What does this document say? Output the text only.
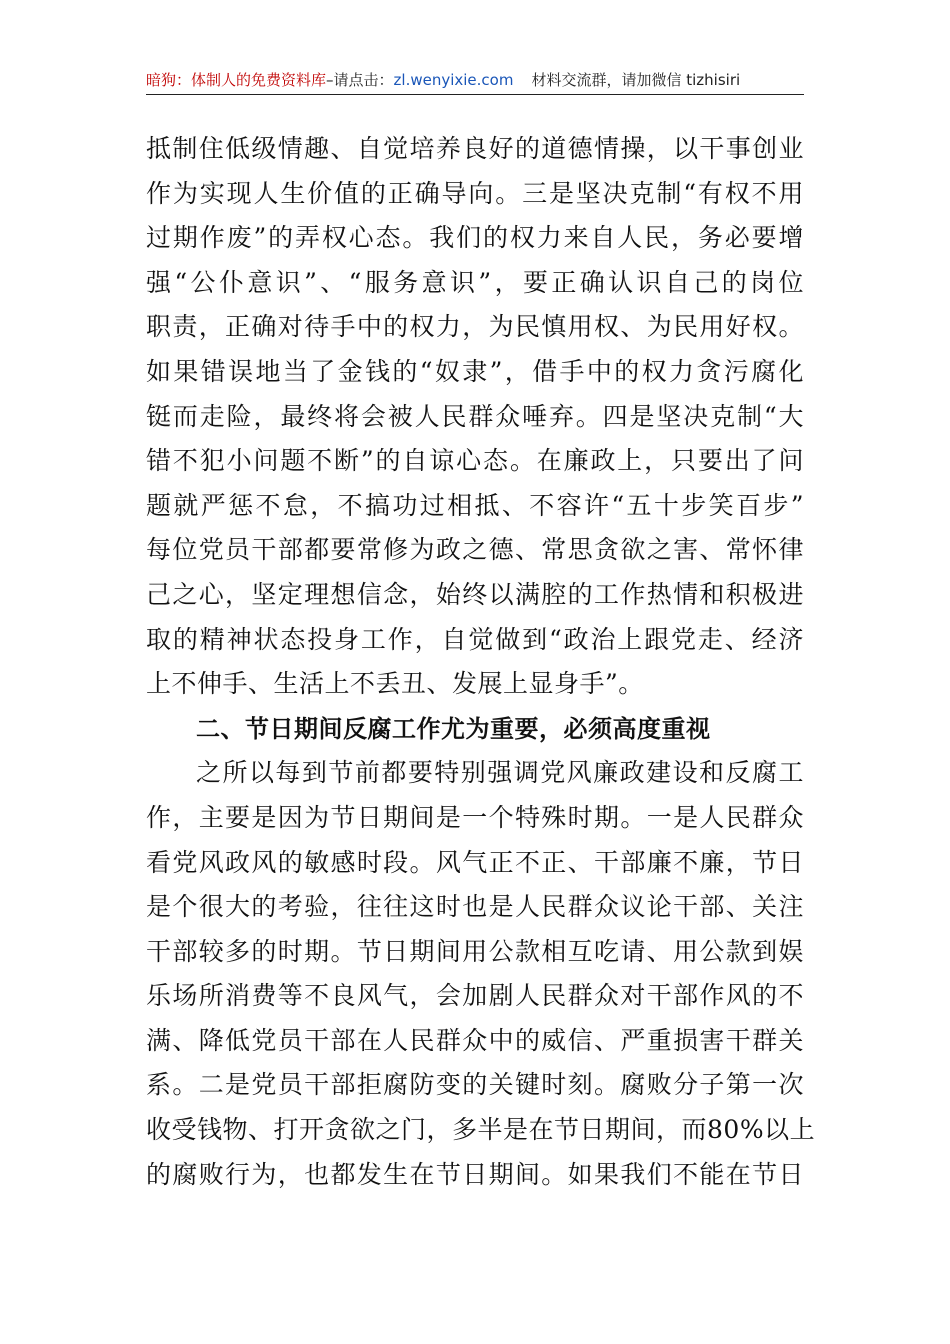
暗狗：体制人的免费资料库–请点击：zl.wenyixie.com 材料交流群，请加微信 tizhisiri
抵制住低级情趣、自觉培养良好的道德情操，以干事创业
作为实现人生价值的正确导向。三是坚决克制“有权不用
过期作废”的弄权心态。我们的权力来自人民，务必要增
强“公仆意识”、“服务意识”，要正确认识自己的岗位
职责，正确对待手中的权力，为民慎用权、为民用好权。
如果错误地当了金钱的“奴隶”，借手中的权力贪污腐化
铤而走险，最终将会被人民群众唾弃。四是坚决克制“大
错不犯小问题不断”的自谅心态。在廉政上，只要出了问
题就严惩不怠，不搞功过相抵、不容许“五十步笑百步”
每位党员干部都要常修为政之德、常思贪欲之害、常怀律
己之心，坚定理想信念，始终以满腔的工作热情和积极进
取的精神状态投身工作，自觉做到“政治上跟党走、经济
上不伸手、生活上不丢丑、发展上显身手”。
二、节日期间反腐工作尤为重要，必须高度重视
之所以每到节前都要特别强调党风廉政建设和反腐工
作，主要是因为节日期间是一个特殊时期。一是人民群众
看党风政风的敏感时段。风气正不正、干部廉不廉，节日
是个很大的考验，往往这时也是人民群众议论干部、关注
干部较多的时期。节日期间用公款相互吃请、用公款到娱
乐场所消费等不良风气，会加剧人民群众对干部作风的不
满、降低党员干部在人民群众中的威信、严重损害干群关
系。二是党员干部拒腐防变的关键时刻。腐败分子第一次
收受钱物、打开贪欲之门，多半是在节日期间，而80%以上
的腐败行为，也都发生在节日期间。如果我们不能在节日
